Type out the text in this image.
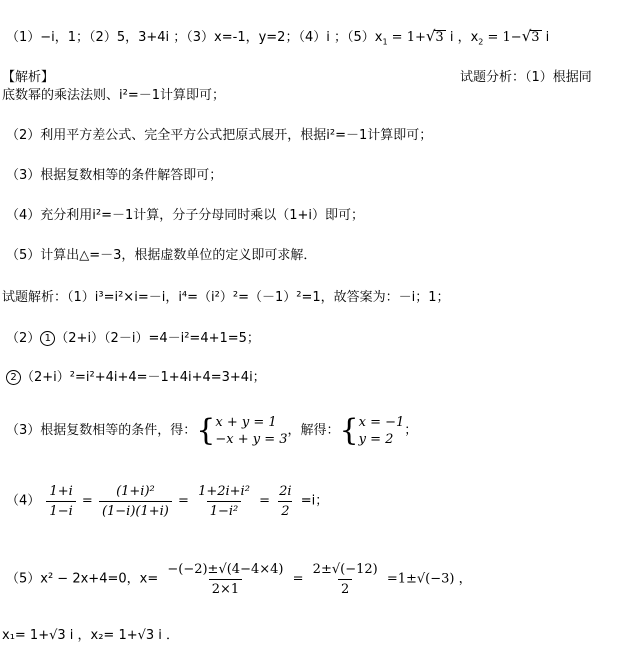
（1）−i，1；（2）5，3+4i ；（3）x=-1，y=2；（4）i ；$(5)x_1 = 1+√3$ i ，$x_2 = 1-√3$ i
【解析】	试题分析：（1）根据同
底数幂的乘法法则、i²=－1计算即可；
（2）利用平方差公式、完全平方公式把原式展开，根据i²=－1计算即可；
（3）根据复数相等的条件解答即可；
（4）充分利用i²=－1计算，分子分母同时乘以（1+i）即可；
（5）计算出△=－3，根据虚数单位的定义即可求解．
试题解析：（1）i³=i²×i=－i，i⁴=（i²）²=（－1）²=1，故答案为：－i；1；
（2） 1 （2+i）（2－i）=4－i²=4+1=5；
2 （2+i）²=i²+4i+4=－1+4i+4=3+4i；
（3）根据复数相等的条件，得：{ x + y = 1
−x + y = 3
，解得：{ x = −1
y = 2
；
$(4) \frac{1+i}{1-i} = \frac{\text{(1+i)²}}{(1-i)(1+i)} = \frac{\text{1+2i+i²}}{\text{1−i²}} = \frac{2i}{2} =i$；
（5）x² − 2x+4=0，$x= \frac{-(-2)\pm√(4-4\times 4)}{2\times 1} = \frac{2\pm√(-12)}{2} =1\pm√(-3)$ ，
x₁= 1+√3 i ，x₂= 1+√3 i ．
